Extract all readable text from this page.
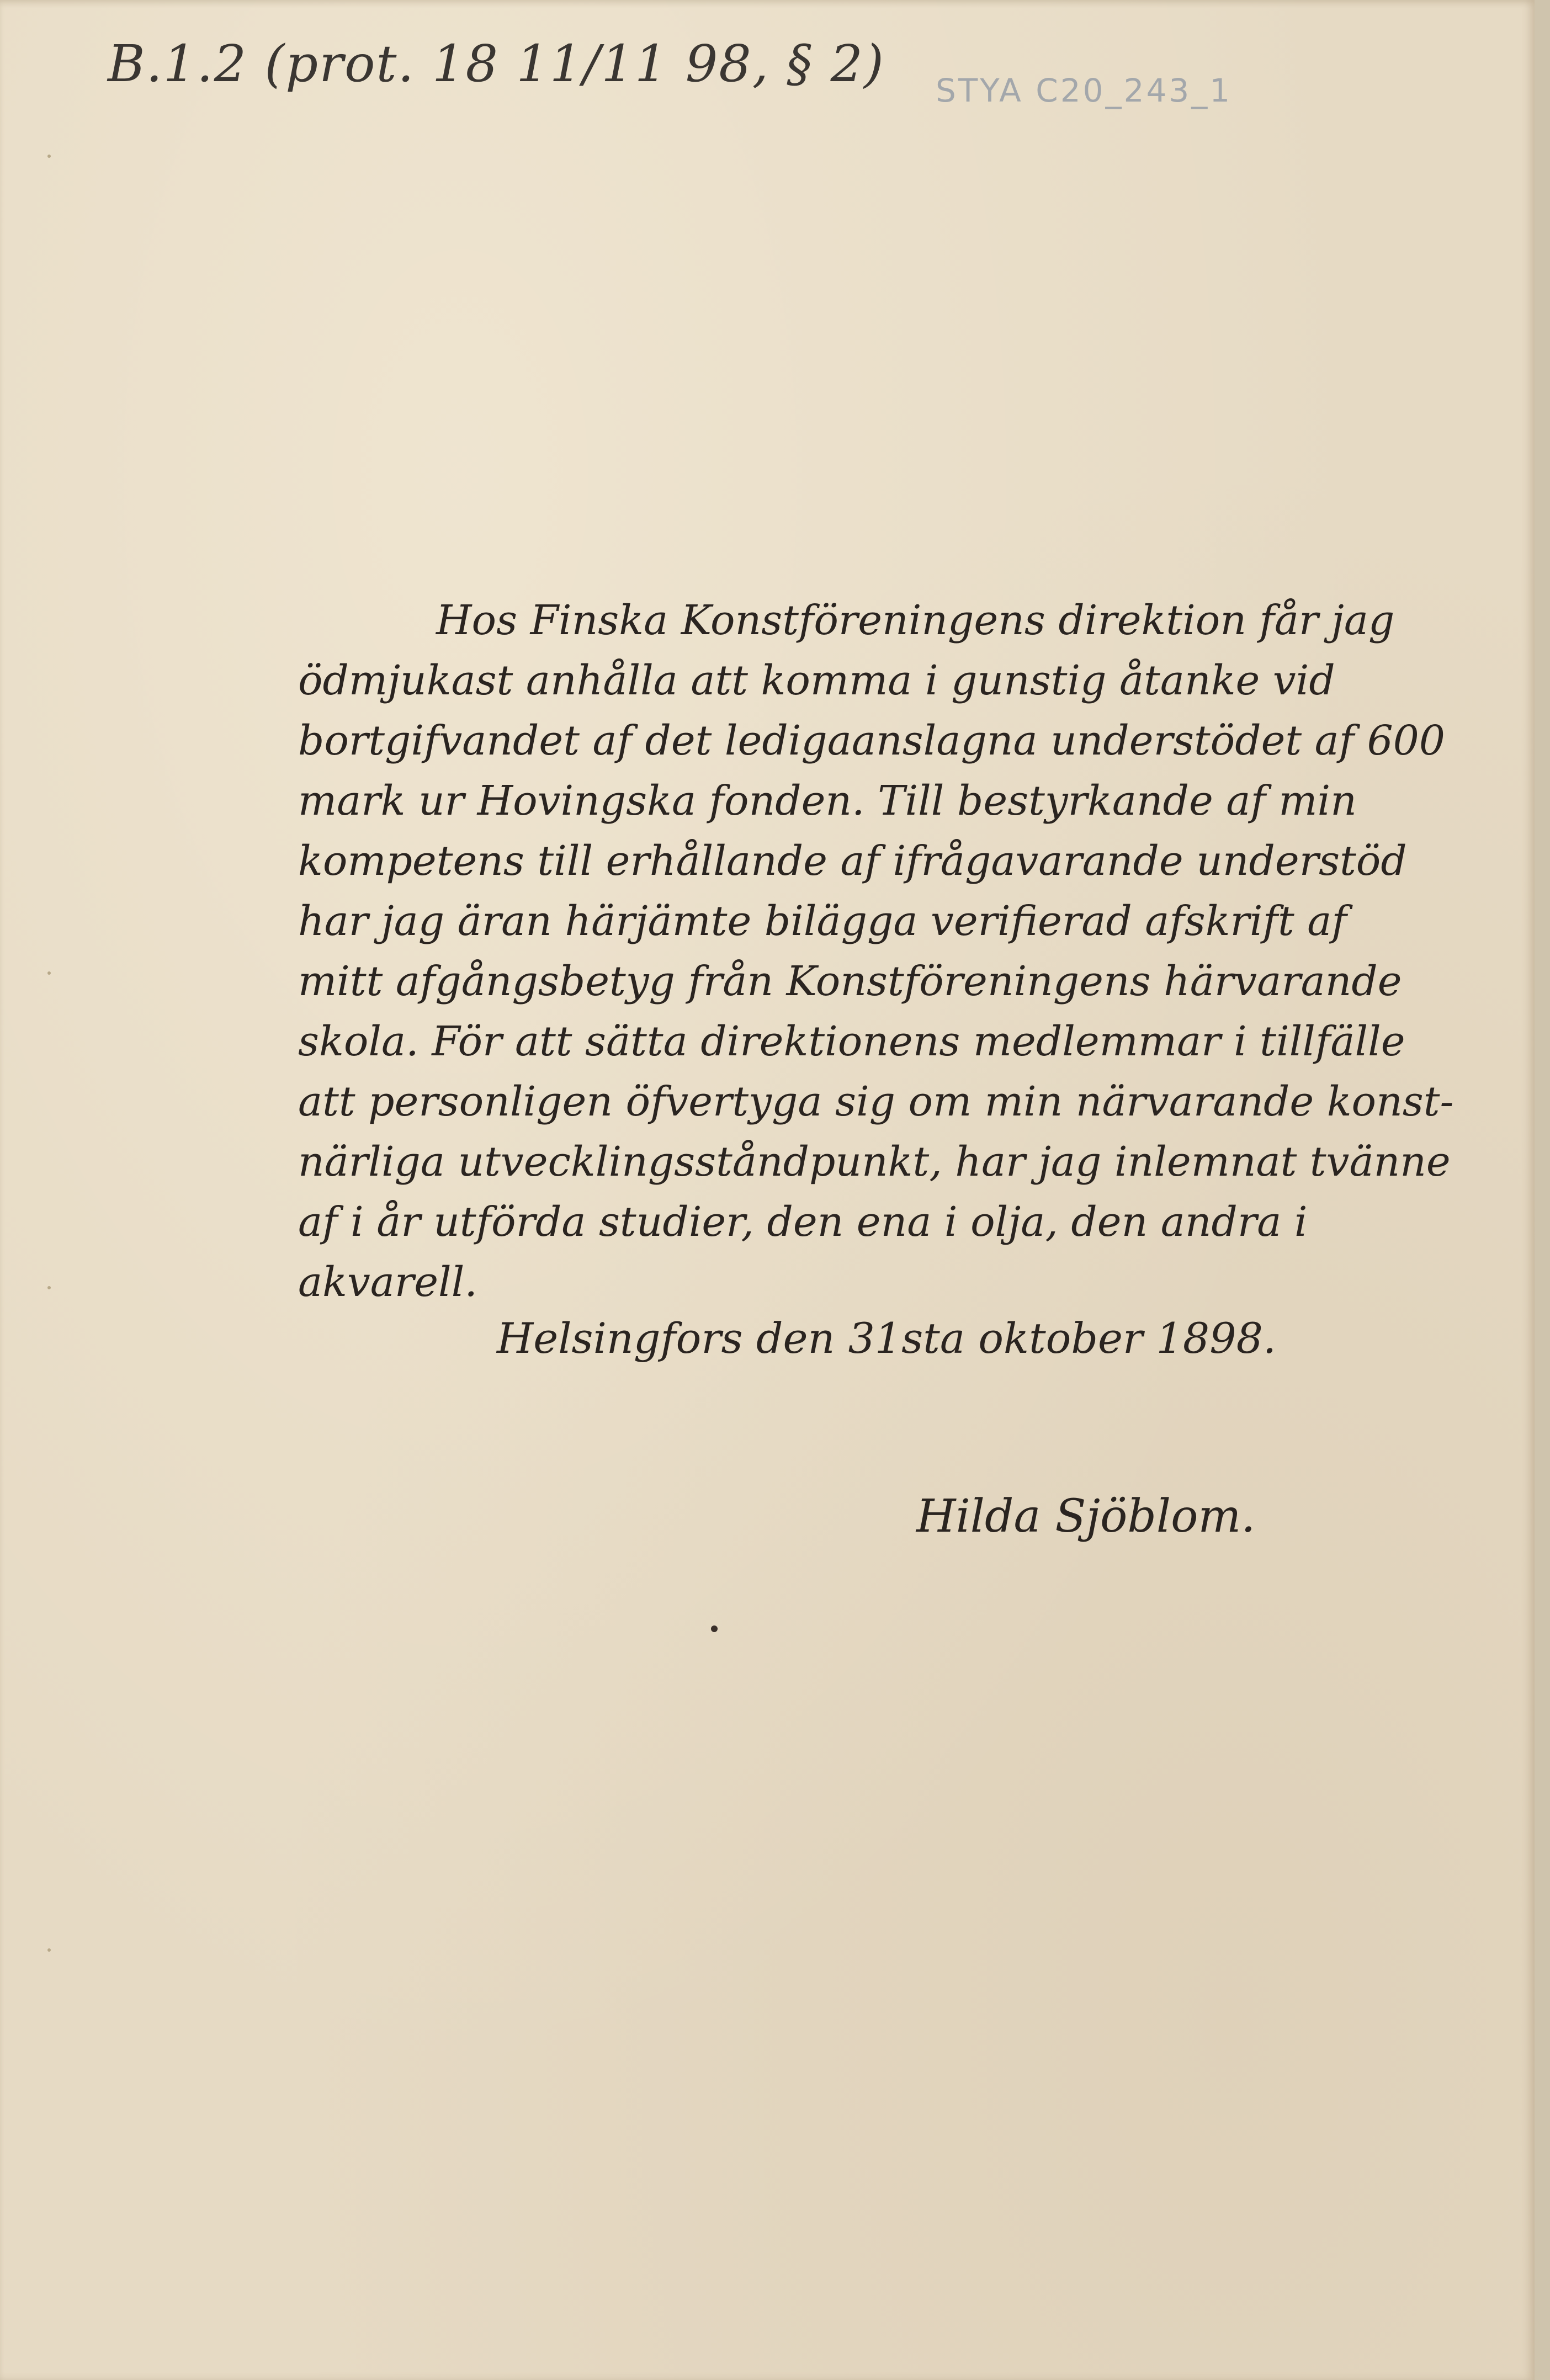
B.1.2 (prot. 18 11/11 98, § 2) STYA C20_243_1
Hos Finska Konstföreningens direktion får jag
ödmjukast anhålla att komma i gunstig åtanke vid
bortgifvandet af det ledigaanslagna understödet af 600
mark ur Hovingska fonden. Till bestyrkande af min
kompetens till erhållande af ifrågavarande understöd
har jag äran härjämte bilägga verifierad afskrift af
mitt afgångsbetyg från Konstföreningens härvarande
skola. För att sätta direktionens medlemmar i tillfälle
att personligen öfvertyga sig om min närvarande konst-
närliga utvecklingsståndpunkt, har jag inlemnat tvänne
af i år utförda studier, den ena i olja, den andra i
akvarell.
Helsingfors den 31sta oktober 1898.
Hilda Sjöblom.
